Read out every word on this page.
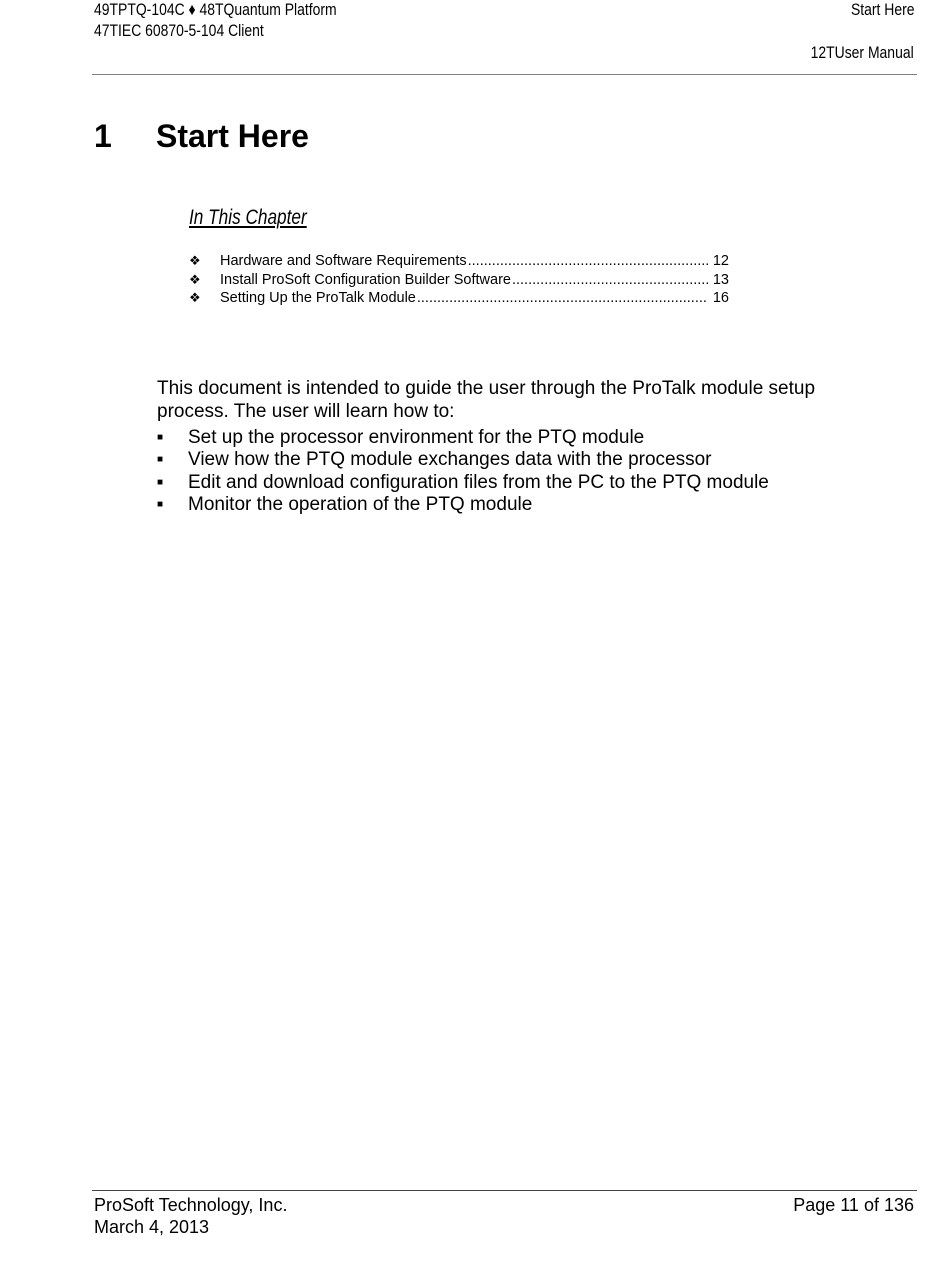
49TPTQ-104C ♦ 48TQuantum Platform
47TIEC 60870-5-104 Client
Start Here
12TUser Manual
1 Start Here
In This Chapter
❖	Hardware and Software Requirements .....	12
❖	Install ProSoft Configuration Builder Software .....	13
❖	Setting Up the ProTalk Module .....	16

This document is intended to guide the user through the ProTalk module setup process. The user will learn how to:

■	Set up the processor environment for the PTQ module
■	View how the PTQ module exchanges data with the processor
■	Edit and download configuration files from the PC to the PTQ module
■	Monitor the operation of the PTQ module
ProSoft Technology, Inc.
March 4, 2013
Page 11 of 136
